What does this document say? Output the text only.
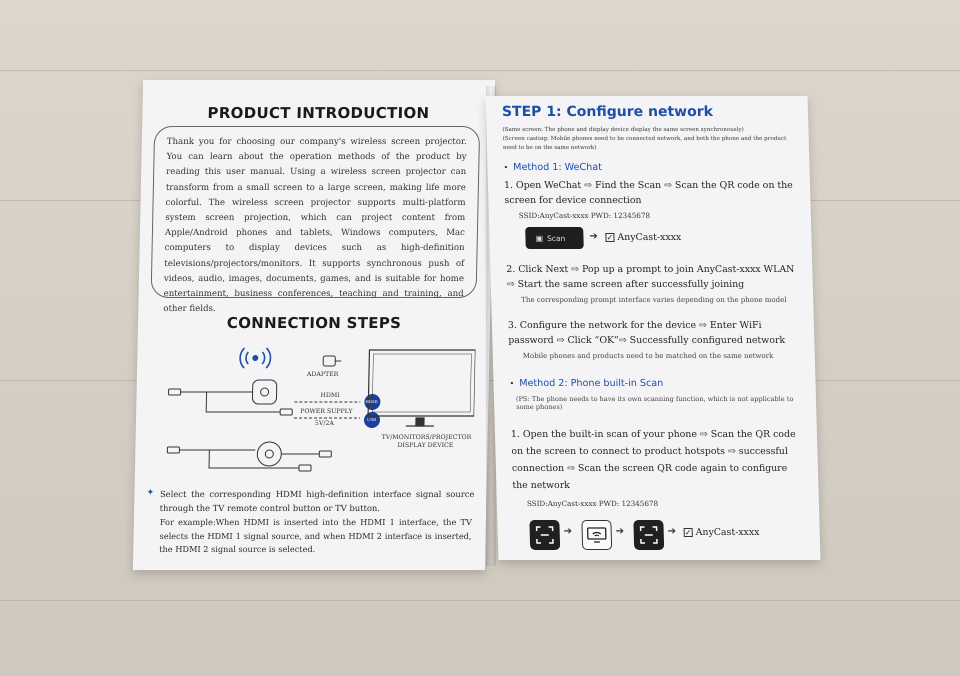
PRODUCT INTRODUCTION
Thank you for choosing our company's wireless screen projector. You can learn about the operation methods of the product by reading this user manual. Using a wireless screen projector can transform from a small screen to a large screen, making life more colorful. The wireless screen projector supports multi-platform system screen projection, which can project content from Apple/Android phones and tablets, Windows computers, Mac computers to display devices such as high-definition televisions/projectors/monitors. It supports synchronous push of videos, audio, images, documents, games, and is suitable for home entertainment, business conferences, teaching and training, and other fields.
CONNECTION STEPS
ADAPTER
HDMI
POWER SUPPLY
5V/2A
HDMI
USB
TV/MONITORS/PROJECTOR
DISPLAY DEVICE
✦ Select the corresponding HDMI high-definition interface signal source through the TV remote control button or TV button.
For example:When HDMI is inserted into the HDMI 1 interface, the TV selects the HDMI 1 signal source, and when HDMI 2 interface is inserted, the HDMI 2 signal source is selected.
STEP 1: Configure network
(Same screen: The phone and display device display the same screen synchronously)
(Screen casting: Mobile phones need to be connected network, and both the phone and the product need to be on the same network)
• Method 1: WeChat
1. Open WeChat ⇨ Find the Scan ⇨ Scan the QR code on the screen for device connection
SSID:AnyCast-xxxx PWD: 12345678
▣ Scan ➔ ✓ AnyCast-xxxx
2. Click Next ⇨ Pop up a prompt to join AnyCast-xxxx WLAN ⇨ Start the same screen after successfully joining
The corresponding prompt interface varies depending on the phone model
3. Configure the network for the device ⇨ Enter WiFi password ⇨ Click “OK”⇨ Successfully configured network
Mobile phones and products need to be matched on the same network
• Method 2: Phone built-in Scan
(PS: The phone needs to have its own scanning function, which is not applicable to some phones)
1. Open the built-in scan of your phone ⇨ Scan the QR code on the screen to connect to product hotspots ⇨ successful connection ⇨ Scan the screen QR code again to configure the network
SSID:AnyCast-xxxx PWD: 12345678
➔	➔	➔ ✓ AnyCast-xxxx
